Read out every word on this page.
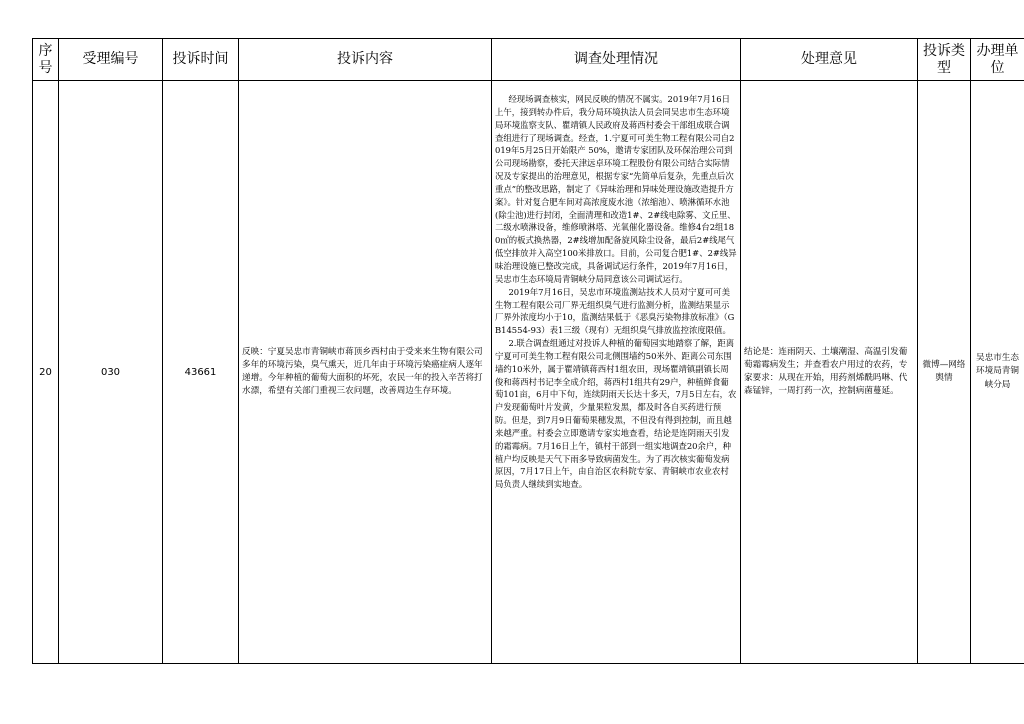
序号	受理编号	投诉时间	投诉内容	调查处理情况	处理意见	投诉类型	办理单位
20	030	43661	反映：宁夏吴忠市青铜峡市蒋顶乡西村由于受来来生物有限公司多年的环境污染，臭气熏天，近几年由于环境污染癌症病人逐年递增。今年种植的葡萄大面积的坏死，农民一年的投入辛苦将打水漂，希望有关部门重视三农问题，改善周边生存环境。	经现场调查核实，网民反映的情况不属实。2019年7月16日上午，接到转办件后，我分局环境执法人员会同吴忠市生态环境局环境监察支队、瞿靖镇人民政府及蒋西村委会干部组成联合调查组进行了现场调查。经查，1.宁夏可可美生物工程有限公司自2019年5月25日开始限产 50%，邀请专家团队及环保治理公司到公司现场勘察，委托天津远卓环境工程股份有限公司结合实际情况及专家提出的治理意见，根据专家“先简单后复杂，先重点后次重点”的整改思路，制定了《异味治理和异味处理设施改造提升方案》。针对复合肥车间对高浓度废水池（浓缩池）、喷淋循环水池(除尘池)进行封闭，全面清理和改造1#、2#线电除雾、文丘里、二级水喷淋设备，维修喷淋塔、光氧催化器设备。维修4台2组180㎡的板式换热器，2#线增加配备旋风除尘设备，最后2#线尾气低空排放并入高空100米排放口。目前，公司复合肥1#、2#线异味治理设施已整改完成，具备调试运行条件，2019年7月16日，吴忠市生态环境局青铜峡分局同意该公司调试运行。

2019年7月16日，吴忠市环境监测站技术人员对宁夏可可美生物工程有限公司厂界无组织臭气进行监测分析，监测结果显示厂界外浓度均小于10，监测结果低于《恶臭污染物排放标准》（GB14554-93）表1三级（现有）无组织臭气排放监控浓度限值。

2.联合调查组通过对投诉人种植的葡萄园实地踏察了解，距离宁夏可可美生物工程有限公司北侧围墙约50米外、距离公司东围墙约10米外，属于瞿靖镇蒋西村1组农田，现场瞿靖镇副镇长周俊和蒋西村书记李全成介绍，蒋西村1组共有29户，种植鲜食葡萄101亩，6月中下旬，连续阴雨天长达十多天，7月5日左右，农户发现葡萄叶片发黄，少量果粒发黑，都及时各自买药进行预防。但是，到7月9日葡萄果穗发黑，不但没有得到控制，而且越来越严重。村委会立即邀请专家实地查看，结论是连阴雨天引发的霜霉病。7月16日上午，镇村干部到一组实地调查20余户，种植户均反映是天气下雨多导致病菌发生。为了再次核实葡萄发病原因，7月17日上午，由自治区农科院专家、青铜峡市农业农村局负责人继续到实地查。	结论是：连雨阴天、土壤潮湿、高温引发葡萄霜霉病发生；并查看农户用过的农药，专家要求：从现在开始，用药剂烯酰吗啉、代森锰锌，一周打药一次，控制病菌蔓延。	微博—网络舆情	吴忠市生态环境局青铜峡分局
